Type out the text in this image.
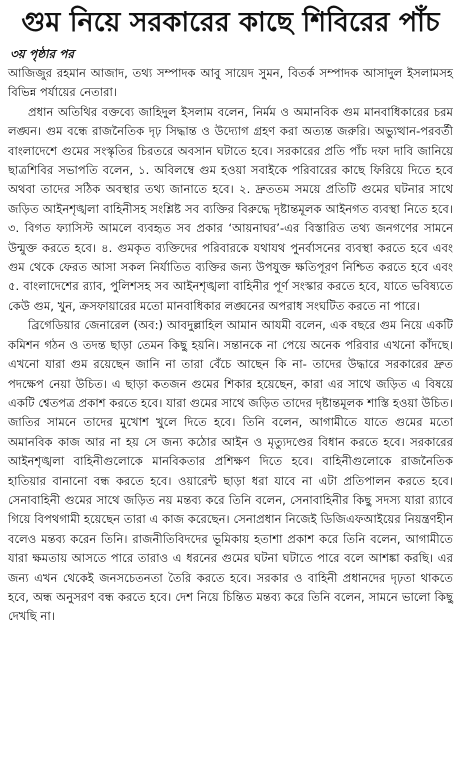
গুম নিয়ে সরকারের কাছে শিবিরের পাঁচ
৩য় পৃষ্ঠার পর

আজিজুর রহমান আজাদ, তথ্য সম্পাদক আবু সায়েদ সুমন, বিতর্ক সম্পাদক আসাদুল ইসলামসহ বিভিন্ন পর্যায়ের নেতারা।

প্রধান অতিথির বক্তব্যে জাহিদুল ইসলাম বলেন, নির্মম ও অমানবিক গুম মানবাধিকারের চরম লঙ্ঘন। গুম বন্ধে রাজনৈতিক দৃঢ় সিদ্ধান্ত ও উদ্যোগ গ্রহণ করা অত্যন্ত জরুরি। অভ্যুত্থান-পরবর্তী বাংলাদেশে গুমের সংস্কৃতির চিরতরে অবসান ঘটাতে হবে। সরকারের প্রতি পাঁচ দফা দাবি জানিয়ে ছাত্রশিবির সভাপতি বলেন, ১. অবিলম্বে গুম হওয়া সবাইকে পরিবারের কাছে ফিরিয়ে দিতে হবে অথবা তাদের সঠিক অবস্থার তথ্য জানাতে হবে। ২. দ্রুততম সময়ে প্রতিটি গুমের ঘটনার সাথে জড়িত আইনশৃঙ্খলা বাহিনীসহ সংশ্লিষ্ট সব ব্যক্তির বিরুদ্ধে দৃষ্টান্তমূলক আইনগত ব্যবস্থা নিতে হবে। ৩. বিগত ফ্যাসিস্ট আমলে ব্যবহৃত সব প্রকার ‘আয়নাঘর’-এর বিস্তারিত তথ্য জনগণের সামনে উন্মুক্ত করতে হবে। ৪. গুমকৃত ব্যক্তিদের পরিবারকে যথাযথ পুনর্বাসনের ব্যবস্থা করতে হবে এবং গুম থেকে ফেরত আসা সকল নির্যাতিত ব্যক্তির জন্য উপযুক্ত ক্ষতিপূরণ নিশ্চিত করতে হবে এবং ৫. বাংলাদেশের র‌্যাব, পুলিশসহ সব আইনশৃঙ্খলা বাহিনীর পূর্ণ সংস্কার করতে হবে, যাতে ভবিষ্যতে কেউ গুম, খুন, ক্রসফায়ারের মতো মানবাধিকার লঙ্ঘনের অপরাধ সংঘটিত করতে না পারে।

ব্রিগেডিয়ার জেনারেল (অব:) আবদুল্লাহিল আমান আযমী বলেন, এক বছরে গুম নিয়ে একটি কমিশন গঠন ও তদন্ত ছাড়া তেমন কিছু হয়নি। সন্তানকে না পেয়ে অনেক পরিবার এখনো কাঁদছে। এখনো যারা গুম রয়েছেন জানি না তারা বেঁচে আছেন কি না- তাদের উদ্ধারে সরকারের দ্রুত পদক্ষেপ নেয়া উচিত। এ ছাড়া কতজন গুমের শিকার হয়েছেন, কারা এর সাথে জড়িত এ বিষয়ে একটি শ্বেতপত্র প্রকাশ করতে হবে। যারা গুমের সাথে জড়িত তাদের দৃষ্টান্তমূলক শাস্তি হওয়া উচিত। জাতির সামনে তাদের মুখোশ খুলে দিতে হবে। তিনি বলেন, আগামীতে যাতে গুমের মতো অমানবিক কাজ আর না হয় সে জন্য কঠোর আইন ও মৃত্যুদণ্ডের বিধান করতে হবে। সরকারের আইনশৃঙ্খলা বাহিনীগুলোকে মানবিকতার প্রশিক্ষণ দিতে হবে। বাহিনীগুলোকে রাজনৈতিক হাতিয়ার বানানো বন্ধ করতে হবে। ওয়ারেন্ট ছাড়া ধরা যাবে না এটা প্রতিপালন করতে হবে। সেনাবাহিনী গুমের সাথে জড়িত নয় মন্তব্য করে তিনি বলেন, সেনাবাহিনীর কিছু সদস্য যারা র‌্যাবে গিয়ে বিপথগামী হয়েছেন তারা এ কাজ করেছেন। সেনাপ্রধান নিজেই ডিজিএফআইয়ের নিয়ন্ত্রণহীন বলেও মন্তব্য করেন তিনি। রাজনীতিবিদদের ভূমিকায় হতাশা প্রকাশ করে তিনি বলেন, আগামীতে যারা ক্ষমতায় আসতে পারে তারাও এ ধরনের গুমের ঘটনা ঘটাতে পারে বলে আশঙ্কা করছি। এর জন্য এখন থেকেই জনসচেতনতা তৈরি করতে হবে। সরকার ও বাহিনী প্রধানদের দৃঢ়তা থাকতে হবে, অন্ধ অনুসরণ বন্ধ করতে হবে। দেশ নিয়ে চিন্তিত মন্তব্য করে তিনি বলেন, সামনে ভালো কিছু দেখছি না।
